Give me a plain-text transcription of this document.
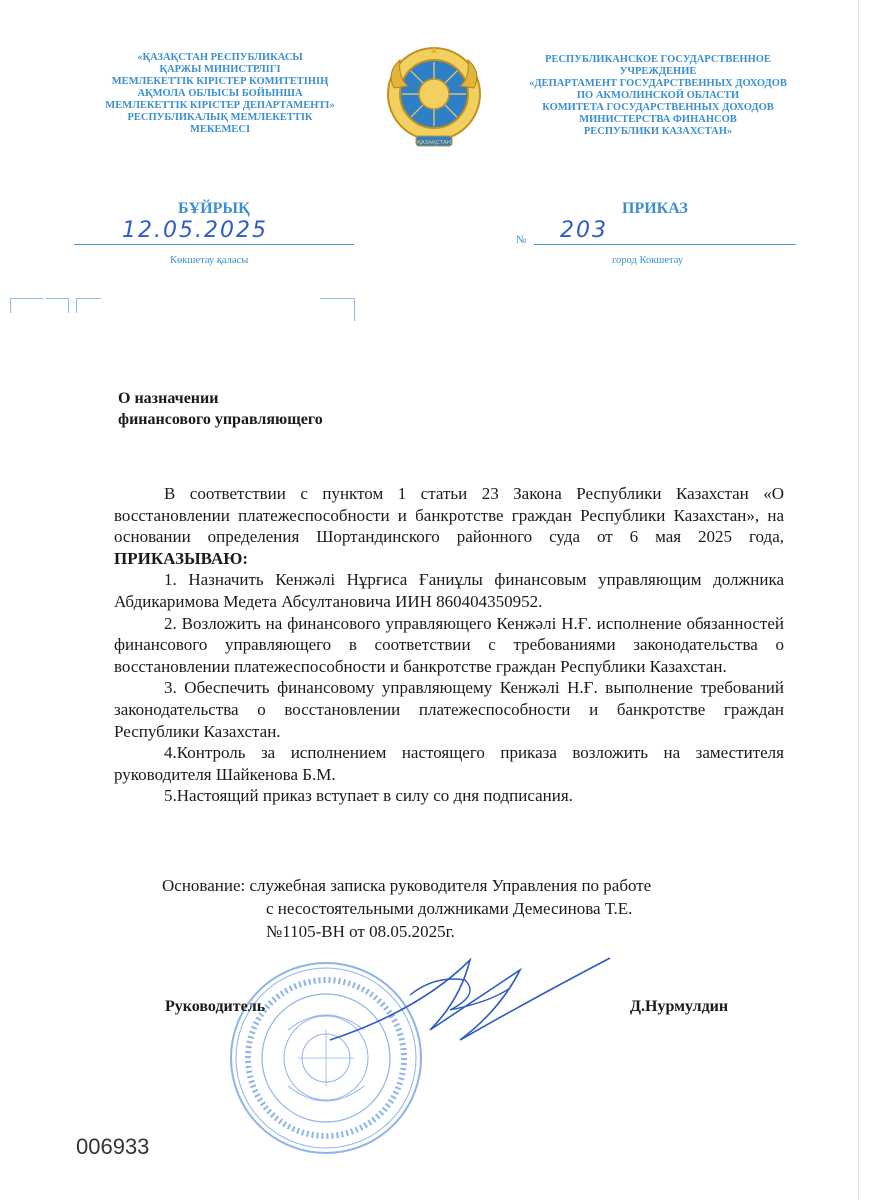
«ҚАЗАҚСТАН РЕСПУБЛИКАСЫ
ҚАРЖЫ МИНИСТРЛІГІ
МЕМЛЕКЕТТІК КІРІСТЕР КОМИТЕТІНІҢ
АҚМОЛА ОБЛЫСЫ БОЙЫНША
МЕМЛЕКЕТТІК КІРІСТЕР ДЕПАРТАМЕНТІ»
РЕСПУБЛИКАЛЫҚ МЕМЛЕКЕТТІК
МЕКЕМЕСІ
ҚАЗАҚСТАН
РЕСПУБЛИКАНСКОЕ ГОСУДАРСТВЕННОЕ
УЧРЕЖДЕНИЕ
«ДЕПАРТАМЕНТ ГОСУДАРСТВЕННЫХ ДОХОДОВ
ПО АКМОЛИНСКОЙ ОБЛАСТИ
КОМИТЕТА ГОСУДАРСТВЕННЫХ ДОХОДОВ
МИНИСТЕРСТВА ФИНАНСОВ
РЕСПУБЛИКИ КАЗАХСТАН»
БҰЙРЫҚ	ПРИКАЗ
12.05.2025	№ 203
Көкшетау қаласы	город Кокшетау
О назначении
финансового управляющего

В соответствии с пунктом 1 статьи 23 Закона Республики Казахстан «О восстановлении платежеспособности и банкротстве граждан Республики Казахстан», на основании определения Шортандинского районного суда от 6 мая 2025 года, ПРИКАЗЫВАЮ:

1. Назначить Кенжәлі Нұрғиса Ғаниұлы финансовым управляющим должника Абдикаримова Медета Абсултановича ИИН 860404350952.

2. Возложить на финансового управляющего Кенжәлі Н.Ғ. исполнение обязанностей финансового управляющего в соответствии с требованиями законодательства о восстановлении платежеспособности и банкротстве граждан Республики Казахстан.

3. Обеспечить финансовому управляющему Кенжәлі Н.Ғ. выполнение требований законодательства о восстановлении платежеспособности и банкротстве граждан Республики Казахстан.

4.Контроль за исполнением настоящего приказа возложить на заместителя руководителя Шайкенова Б.М.

5.Настоящий приказ вступает в силу со дня подписания.

Основание: служебная записка руководителя Управления по работе
с несостоятельными должниками Демесинова Т.Е.
№1105-ВН от 08.05.2025г.
Руководитель	Д.Нурмулдин
006933
